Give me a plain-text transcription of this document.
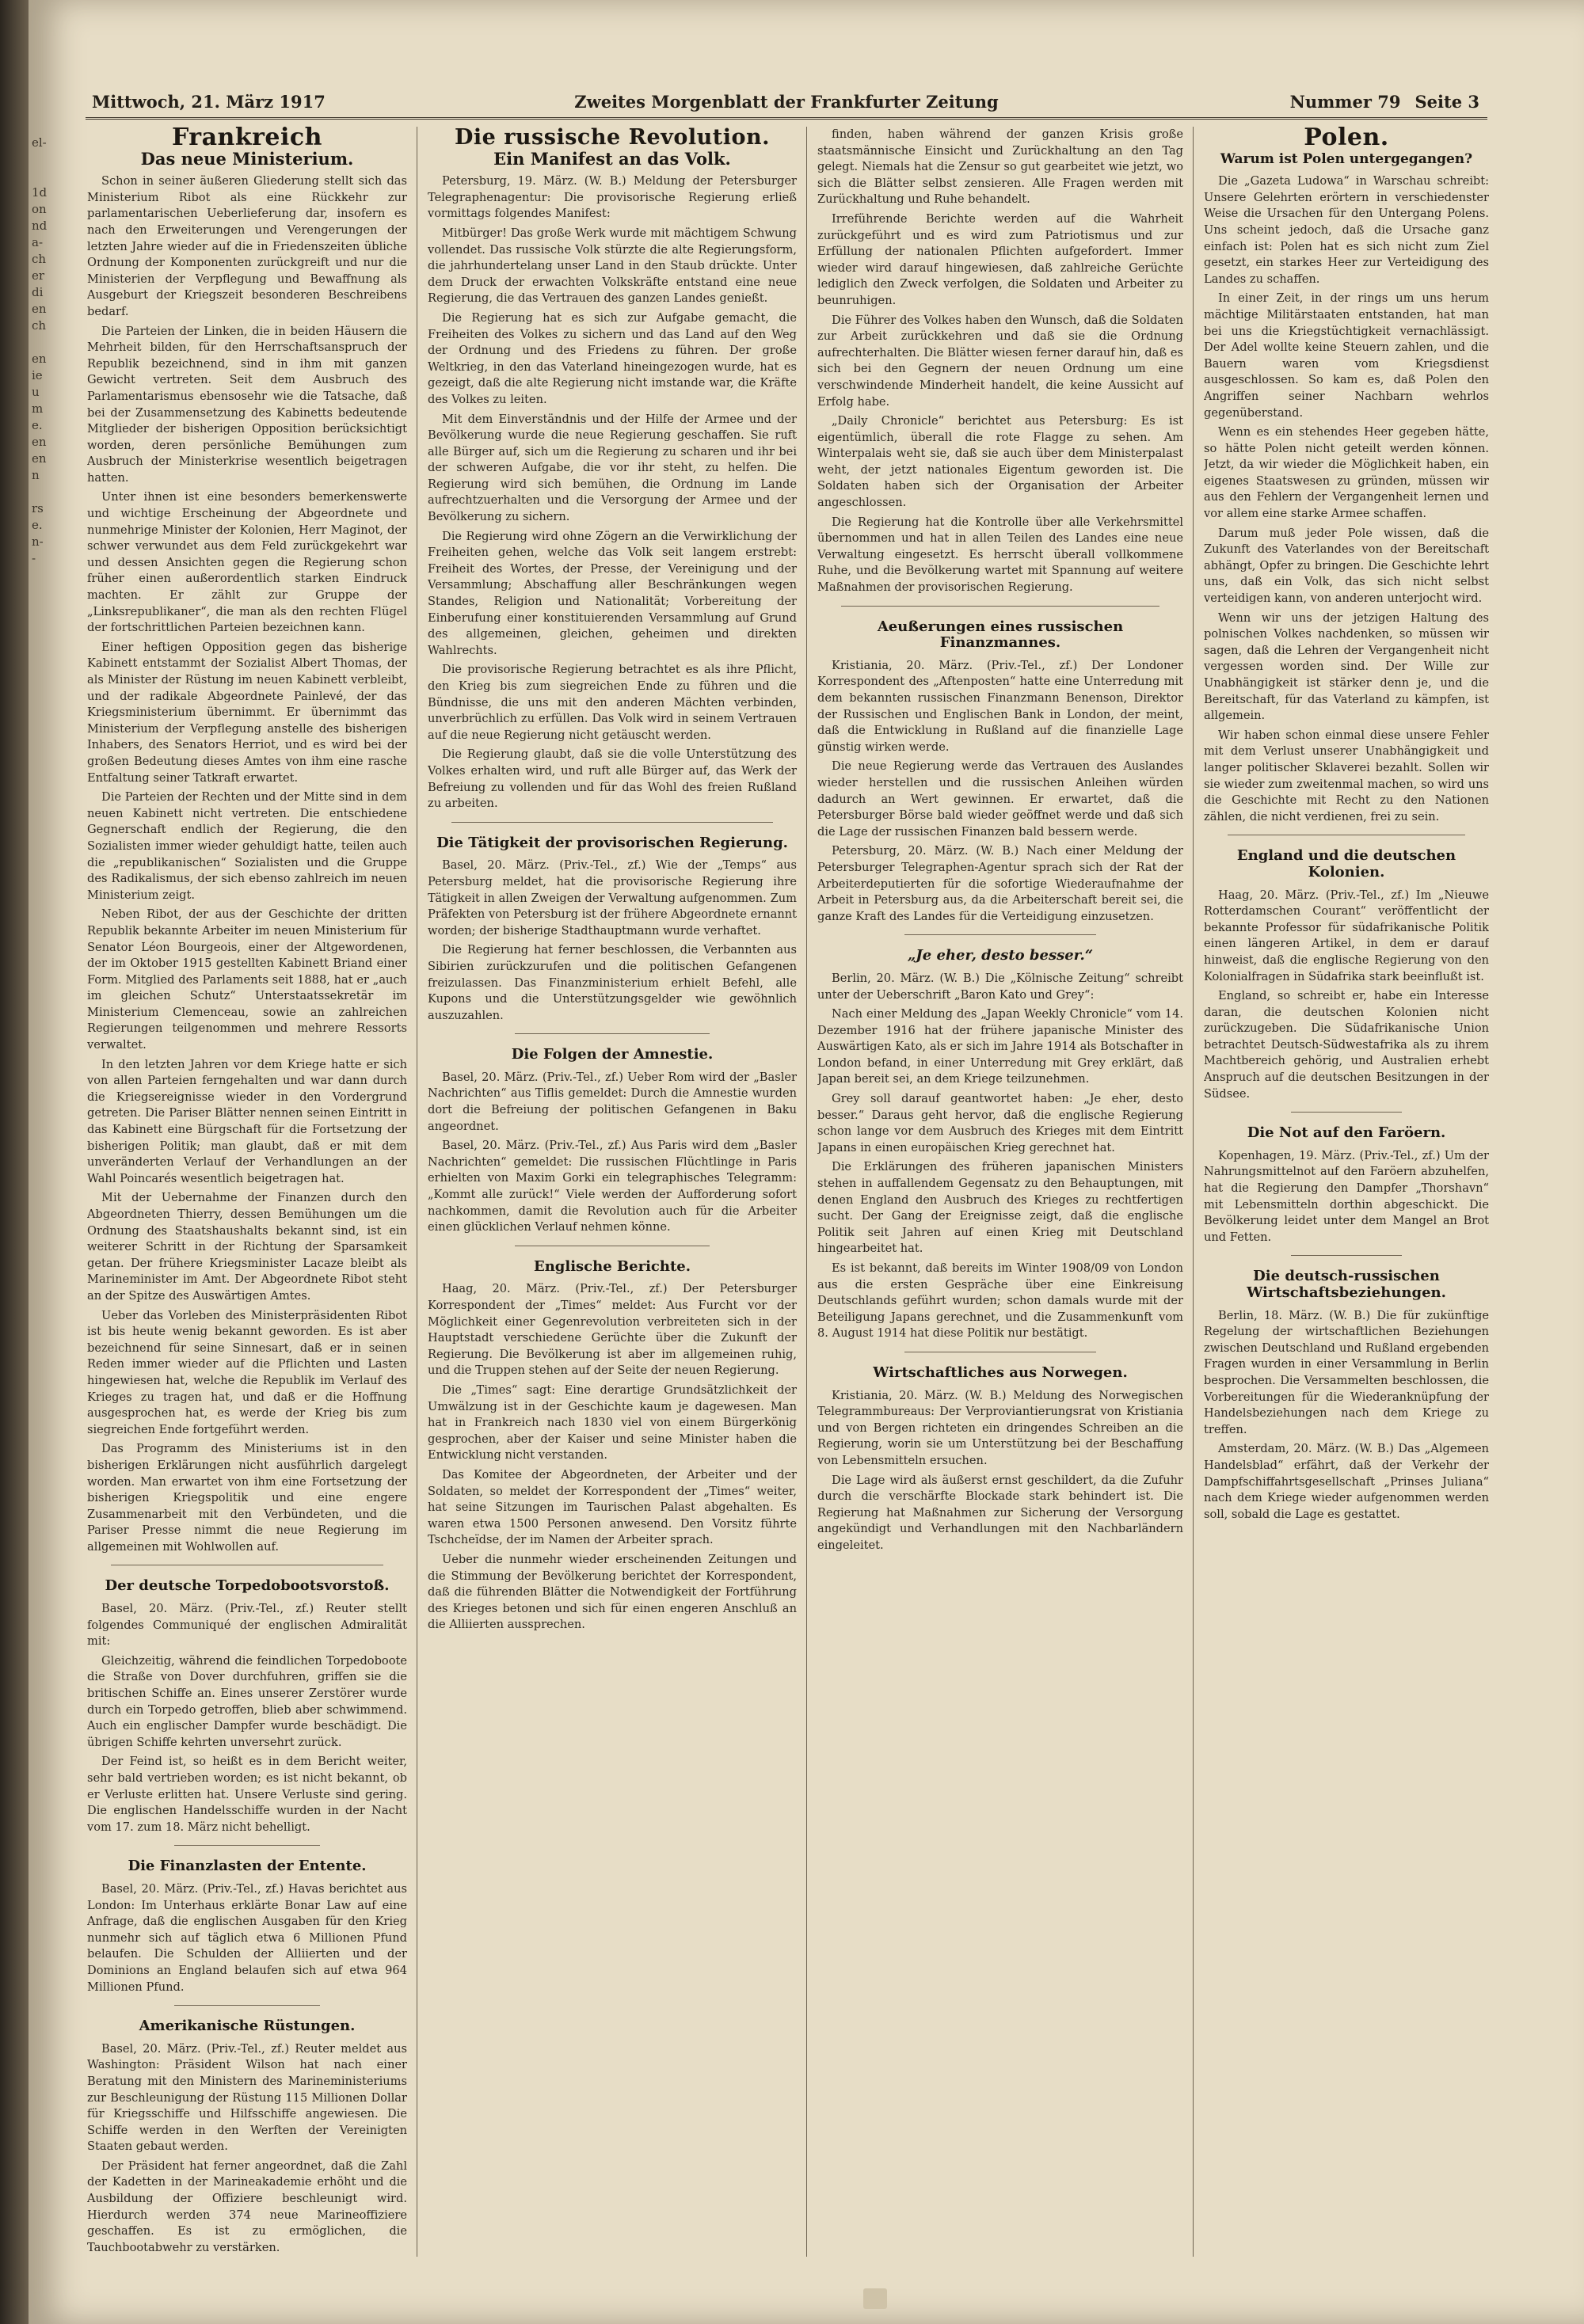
el-

1d
on
nd
a-
ch
er
di
en
ch

en
ie
u
m
e.
en
en
n

rs
e.
n-
-
Mittwoch, 21. März 1917	Zweites Morgenblatt der Frankfurter Zeitung	Nummer 79 Seite 3
Frankreich
Das neue Ministerium.

Schon in seiner äußeren Gliederung stellt sich das Ministerium Ribot als eine Rückkehr zur parlamentarischen Ueberlieferung dar, insofern es nach den Erweiterungen und Verengerungen der letzten Jahre wieder auf die in Friedenszeiten übliche Ordnung der Komponenten zurückgreift und nur die Ministerien der Verpflegung und Bewaffnung als Ausgeburt der Kriegszeit besonderen Beschreibens bedarf.

Die Parteien der Linken, die in beiden Häusern die Mehrheit bilden, für den Herrschaftsanspruch der Republik bezeichnend, sind in ihm mit ganzen Gewicht vertreten. Seit dem Ausbruch des Parlamentarismus ebensosehr wie die Tatsache, daß bei der Zusammensetzung des Kabinetts bedeutende Mitglieder der bisherigen Opposition berücksichtigt worden, deren persönliche Bemühungen zum Ausbruch der Ministerkrise wesentlich beigetragen hatten.

Unter ihnen ist eine besonders bemerkenswerte und wichtige Erscheinung der Abgeordnete und nunmehrige Minister der Kolonien, Herr Maginot, der schwer verwundet aus dem Feld zurückgekehrt war und dessen Ansichten gegen die Regierung schon früher einen außerordentlich starken Eindruck machten. Er zählt zur Gruppe der „Linksrepublikaner“, die man als den rechten Flügel der fortschrittlichen Parteien bezeichnen kann.

Einer heftigen Opposition gegen das bisherige Kabinett entstammt der Sozialist Albert Thomas, der als Minister der Rüstung im neuen Kabinett verbleibt, und der radikale Abgeordnete Painlevé, der das Kriegsministerium übernimmt. Er übernimmt das Ministerium der Verpflegung anstelle des bisherigen Inhabers, des Senators Herriot, und es wird bei der großen Bedeutung dieses Amtes von ihm eine rasche Entfaltung seiner Tatkraft erwartet.

Die Parteien der Rechten und der Mitte sind in dem neuen Kabinett nicht vertreten. Die entschiedene Gegnerschaft endlich der Regierung, die den Sozialisten immer wieder gehuldigt hatte, teilen auch die „republikanischen“ Sozialisten und die Gruppe des Radikalismus, der sich ebenso zahlreich im neuen Ministerium zeigt.

Neben Ribot, der aus der Geschichte der dritten Republik bekannte Arbeiter im neuen Ministerium für Senator Léon Bourgeois, einer der Altgewordenen, der im Oktober 1915 gestellten Kabinett Briand einer Form. Mitglied des Parlaments seit 1888, hat er „auch im gleichen Schutz“ Unterstaatssekretär im Ministerium Clemenceau, sowie an zahlreichen Regierungen teilgenommen und mehrere Ressorts verwaltet.

In den letzten Jahren vor dem Kriege hatte er sich von allen Parteien ferngehalten und war dann durch die Kriegsereignisse wieder in den Vordergrund getreten. Die Pariser Blätter nennen seinen Eintritt in das Kabinett eine Bürgschaft für die Fortsetzung der bisherigen Politik; man glaubt, daß er mit dem unveränderten Verlauf der Verhandlungen an der Wahl Poincarés wesentlich beigetragen hat.

Mit der Uebernahme der Finanzen durch den Abgeordneten Thierry, dessen Bemühungen um die Ordnung des Staatshaushalts bekannt sind, ist ein weiterer Schritt in der Richtung der Sparsamkeit getan. Der frühere Kriegsminister Lacaze bleibt als Marineminister im Amt. Der Abgeordnete Ribot steht an der Spitze des Auswärtigen Amtes.

Ueber das Vorleben des Ministerpräsidenten Ribot ist bis heute wenig bekannt geworden. Es ist aber bezeichnend für seine Sinnesart, daß er in seinen Reden immer wieder auf die Pflichten und Lasten hingewiesen hat, welche die Republik im Verlauf des Krieges zu tragen hat, und daß er die Hoffnung ausgesprochen hat, es werde der Krieg bis zum siegreichen Ende fortgeführt werden.

Das Programm des Ministeriums ist in den bisherigen Erklärungen nicht ausführlich dargelegt worden. Man erwartet von ihm eine Fortsetzung der bisherigen Kriegspolitik und eine engere Zusammenarbeit mit den Verbündeten, und die Pariser Presse nimmt die neue Regierung im allgemeinen mit Wohlwollen auf.

Der deutsche Torpedobootsvorstoß.

Basel, 20. März. (Priv.-Tel., zf.) Reuter stellt folgendes Communiqué der englischen Admiralität mit:

Gleichzeitig, während die feindlichen Torpedoboote die Straße von Dover durchfuhren, griffen sie die britischen Schiffe an. Eines unserer Zerstörer wurde durch ein Torpedo getroffen, blieb aber schwimmend. Auch ein englischer Dampfer wurde beschädigt. Die übrigen Schiffe kehrten unversehrt zurück.

Der Feind ist, so heißt es in dem Bericht weiter, sehr bald vertrieben worden; es ist nicht bekannt, ob er Verluste erlitten hat. Unsere Verluste sind gering. Die englischen Handelsschiffe wurden in der Nacht vom 17. zum 18. März nicht behelligt.

Die Finanzlasten der Entente.

Basel, 20. März. (Priv.-Tel., zf.) Havas berichtet aus London: Im Unterhaus erklärte Bonar Law auf eine Anfrage, daß die englischen Ausgaben für den Krieg nunmehr sich auf täglich etwa 6 Millionen Pfund belaufen. Die Schulden der Alliierten und der Dominions an England belaufen sich auf etwa 964 Millionen Pfund.

Amerikanische Rüstungen.

Basel, 20. März. (Priv.-Tel., zf.) Reuter meldet aus Washington: Präsident Wilson hat nach einer Beratung mit den Ministern des Marineministeriums zur Beschleunigung der Rüstung 115 Millionen Dollar für Kriegsschiffe und Hilfsschiffe angewiesen. Die Schiffe werden in den Werften der Vereinigten Staaten gebaut werden.

Der Präsident hat ferner angeordnet, daß die Zahl der Kadetten in der Marineakademie erhöht und die Ausbildung der Offiziere beschleunigt wird. Hierdurch werden 374 neue Marineoffiziere geschaffen. Es ist zu ermöglichen, die Tauchbootabwehr zu verstärken.

Die russische Revolution.
Ein Manifest an das Volk.

Petersburg, 19. März. (W. B.) Meldung der Petersburger Telegraphenagentur: Die provisorische Regierung erließ vormittags folgendes Manifest:

Mitbürger! Das große Werk wurde mit mächtigem Schwung vollendet. Das russische Volk stürzte die alte Regierungsform, die jahrhundertelang unser Land in den Staub drückte. Unter dem Druck der erwachten Volkskräfte entstand eine neue Regierung, die das Vertrauen des ganzen Landes genießt.

Die Regierung hat es sich zur Aufgabe gemacht, die Freiheiten des Volkes zu sichern und das Land auf den Weg der Ordnung und des Friedens zu führen. Der große Weltkrieg, in den das Vaterland hineingezogen wurde, hat es gezeigt, daß die alte Regierung nicht imstande war, die Kräfte des Volkes zu leiten.

Mit dem Einverständnis und der Hilfe der Armee und der Bevölkerung wurde die neue Regierung geschaffen. Sie ruft alle Bürger auf, sich um die Regierung zu scharen und ihr bei der schweren Aufgabe, die vor ihr steht, zu helfen. Die Regierung wird sich bemühen, die Ordnung im Lande aufrechtzuerhalten und die Versorgung der Armee und der Bevölkerung zu sichern.

Die Regierung wird ohne Zögern an die Verwirklichung der Freiheiten gehen, welche das Volk seit langem erstrebt: Freiheit des Wortes, der Presse, der Vereinigung und der Versammlung; Abschaffung aller Beschränkungen wegen Standes, Religion und Nationalität; Vorbereitung der Einberufung einer konstituierenden Versammlung auf Grund des allgemeinen, gleichen, geheimen und direkten Wahlrechts.

Die provisorische Regierung betrachtet es als ihre Pflicht, den Krieg bis zum siegreichen Ende zu führen und die Bündnisse, die uns mit den anderen Mächten verbinden, unverbrüchlich zu erfüllen. Das Volk wird in seinem Vertrauen auf die neue Regierung nicht getäuscht werden.

Die Regierung glaubt, daß sie die volle Unterstützung des Volkes erhalten wird, und ruft alle Bürger auf, das Werk der Befreiung zu vollenden und für das Wohl des freien Rußland zu arbeiten.

Die Tätigkeit der provisorischen Regierung.

Basel, 20. März. (Priv.-Tel., zf.) Wie der „Temps“ aus Petersburg meldet, hat die provisorische Regierung ihre Tätigkeit in allen Zweigen der Verwaltung aufgenommen. Zum Präfekten von Petersburg ist der frühere Abgeordnete ernannt worden; der bisherige Stadthauptmann wurde verhaftet.

Die Regierung hat ferner beschlossen, die Verbannten aus Sibirien zurückzurufen und die politischen Gefangenen freizulassen. Das Finanzministerium erhielt Befehl, alle Kupons und die Unterstützungsgelder wie gewöhnlich auszuzahlen.

Die Folgen der Amnestie.

Basel, 20. März. (Priv.-Tel., zf.) Ueber Rom wird der „Basler Nachrichten“ aus Tiflis gemeldet: Durch die Amnestie wurden dort die Befreiung der politischen Gefangenen in Baku angeordnet.

Basel, 20. März. (Priv.-Tel., zf.) Aus Paris wird dem „Basler Nachrichten“ gemeldet: Die russischen Flüchtlinge in Paris erhielten von Maxim Gorki ein telegraphisches Telegramm: „Kommt alle zurück!“ Viele werden der Aufforderung sofort nachkommen, damit die Revolution auch für die Arbeiter einen glücklichen Verlauf nehmen könne.

Englische Berichte.

Haag, 20. März. (Priv.-Tel., zf.) Der Petersburger Korrespondent der „Times“ meldet: Aus Furcht vor der Möglichkeit einer Gegenrevolution verbreiteten sich in der Hauptstadt verschiedene Gerüchte über die Zukunft der Regierung. Die Bevölkerung ist aber im allgemeinen ruhig, und die Truppen stehen auf der Seite der neuen Regierung.

Die „Times“ sagt: Eine derartige Grundsätzlichkeit der Umwälzung ist in der Geschichte kaum je dagewesen. Man hat in Frankreich nach 1830 viel von einem Bürgerkönig gesprochen, aber der Kaiser und seine Minister haben die Entwicklung nicht verstanden.

Das Komitee der Abgeordneten, der Arbeiter und der Soldaten, so meldet der Korrespondent der „Times“ weiter, hat seine Sitzungen im Taurischen Palast abgehalten. Es waren etwa 1500 Personen anwesend. Den Vorsitz führte Tschcheïdse, der im Namen der Arbeiter sprach.

Ueber die nunmehr wieder erscheinenden Zeitungen und die Stimmung der Bevölkerung berichtet der Korrespondent, daß die führenden Blätter die Notwendigkeit der Fortführung des Krieges betonen und sich für einen engeren Anschluß an die Alliierten aussprechen.

finden, haben während der ganzen Krisis große staatsmännische Einsicht und Zurückhaltung an den Tag gelegt. Niemals hat die Zensur so gut gearbeitet wie jetzt, wo sich die Blätter selbst zensieren. Alle Fragen werden mit Zurückhaltung und Ruhe behandelt.

Irreführende Berichte werden auf die Wahrheit zurückgeführt und es wird zum Patriotismus und zur Erfüllung der nationalen Pflichten aufgefordert. Immer wieder wird darauf hingewiesen, daß zahlreiche Gerüchte lediglich den Zweck verfolgen, die Soldaten und Arbeiter zu beunruhigen.

Die Führer des Volkes haben den Wunsch, daß die Soldaten zur Arbeit zurückkehren und daß sie die Ordnung aufrechterhalten. Die Blätter wiesen ferner darauf hin, daß es sich bei den Gegnern der neuen Ordnung um eine verschwindende Minderheit handelt, die keine Aussicht auf Erfolg habe.

„Daily Chronicle“ berichtet aus Petersburg: Es ist eigentümlich, überall die rote Flagge zu sehen. Am Winterpalais weht sie, daß sie auch über dem Ministerpalast weht, der jetzt nationales Eigentum geworden ist. Die Soldaten haben sich der Organisation der Arbeiter angeschlossen.

Die Regierung hat die Kontrolle über alle Verkehrsmittel übernommen und hat in allen Teilen des Landes eine neue Verwaltung eingesetzt. Es herrscht überall vollkommene Ruhe, und die Bevölkerung wartet mit Spannung auf weitere Maßnahmen der provisorischen Regierung.

Aeußerungen eines russischen Finanzmannes.

Kristiania, 20. März. (Priv.-Tel., zf.) Der Londoner Korrespondent des „Aftenposten“ hatte eine Unterredung mit dem bekannten russischen Finanzmann Benenson, Direktor der Russischen und Englischen Bank in London, der meint, daß die Entwicklung in Rußland auf die finanzielle Lage günstig wirken werde.

Die neue Regierung werde das Vertrauen des Auslandes wieder herstellen und die russischen Anleihen würden dadurch an Wert gewinnen. Er erwartet, daß die Petersburger Börse bald wieder geöffnet werde und daß sich die Lage der russischen Finanzen bald bessern werde.

Petersburg, 20. März. (W. B.) Nach einer Meldung der Petersburger Telegraphen-Agentur sprach sich der Rat der Arbeiterdeputierten für die sofortige Wiederaufnahme der Arbeit in Petersburg aus, da die Arbeiterschaft bereit sei, die ganze Kraft des Landes für die Verteidigung einzusetzen.

„Je eher, desto besser.“

Berlin, 20. März. (W. B.) Die „Kölnische Zeitung“ schreibt unter der Ueberschrift „Baron Kato und Grey“:

Nach einer Meldung des „Japan Weekly Chronicle“ vom 14. Dezember 1916 hat der frühere japanische Minister des Auswärtigen Kato, als er sich im Jahre 1914 als Botschafter in London befand, in einer Unterredung mit Grey erklärt, daß Japan bereit sei, an dem Kriege teilzunehmen.

Grey soll darauf geantwortet haben: „Je eher, desto besser.“ Daraus geht hervor, daß die englische Regierung schon lange vor dem Ausbruch des Krieges mit dem Eintritt Japans in einen europäischen Krieg gerechnet hat.

Die Erklärungen des früheren japanischen Ministers stehen in auffallendem Gegensatz zu den Behauptungen, mit denen England den Ausbruch des Krieges zu rechtfertigen sucht. Der Gang der Ereignisse zeigt, daß die englische Politik seit Jahren auf einen Krieg mit Deutschland hingearbeitet hat.

Es ist bekannt, daß bereits im Winter 1908/09 von London aus die ersten Gespräche über eine Einkreisung Deutschlands geführt wurden; schon damals wurde mit der Beteiligung Japans gerechnet, und die Zusammenkunft vom 8. August 1914 hat diese Politik nur bestätigt.

Wirtschaftliches aus Norwegen.

Kristiania, 20. März. (W. B.) Meldung des Norwegischen Telegrammbureaus: Der Verproviantierungsrat von Kristiania und von Bergen richteten ein dringendes Schreiben an die Regierung, worin sie um Unterstützung bei der Beschaffung von Lebensmitteln ersuchen.

Die Lage wird als äußerst ernst geschildert, da die Zufuhr durch die verschärfte Blockade stark behindert ist. Die Regierung hat Maßnahmen zur Sicherung der Versorgung angekündigt und Verhandlungen mit den Nachbarländern eingeleitet.

Polen.
Warum ist Polen untergegangen?

Die „Gazeta Ludowa“ in Warschau schreibt: Unsere Gelehrten erörtern in verschiedenster Weise die Ursachen für den Untergang Polens. Uns scheint jedoch, daß die Ursache ganz einfach ist: Polen hat es sich nicht zum Ziel gesetzt, ein starkes Heer zur Verteidigung des Landes zu schaffen.

In einer Zeit, in der rings um uns herum mächtige Militärstaaten entstanden, hat man bei uns die Kriegstüchtigkeit vernachlässigt. Der Adel wollte keine Steuern zahlen, und die Bauern waren vom Kriegsdienst ausgeschlossen. So kam es, daß Polen den Angriffen seiner Nachbarn wehrlos gegenüberstand.

Wenn es ein stehendes Heer gegeben hätte, so hätte Polen nicht geteilt werden können. Jetzt, da wir wieder die Möglichkeit haben, ein eigenes Staatswesen zu gründen, müssen wir aus den Fehlern der Vergangenheit lernen und vor allem eine starke Armee schaffen.

Darum muß jeder Pole wissen, daß die Zukunft des Vaterlandes von der Bereitschaft abhängt, Opfer zu bringen. Die Geschichte lehrt uns, daß ein Volk, das sich nicht selbst verteidigen kann, von anderen unterjocht wird.

Wenn wir uns der jetzigen Haltung des polnischen Volkes nachdenken, so müssen wir sagen, daß die Lehren der Vergangenheit nicht vergessen worden sind. Der Wille zur Unabhängigkeit ist stärker denn je, und die Bereitschaft, für das Vaterland zu kämpfen, ist allgemein.

Wir haben schon einmal diese unsere Fehler mit dem Verlust unserer Unabhängigkeit und langer politischer Sklaverei bezahlt. Sollen wir sie wieder zum zweitenmal machen, so wird uns die Geschichte mit Recht zu den Nationen zählen, die nicht verdienen, frei zu sein.

England und die deutschen Kolonien.

Haag, 20. März. (Priv.-Tel., zf.) Im „Nieuwe Rotterdamschen Courant“ veröffentlicht der bekannte Professor für südafrikanische Politik einen längeren Artikel, in dem er darauf hinweist, daß die englische Regierung von den Kolonialfragen in Südafrika stark beeinflußt ist.

England, so schreibt er, habe ein Interesse daran, die deutschen Kolonien nicht zurückzugeben. Die Südafrikanische Union betrachtet Deutsch-Südwestafrika als zu ihrem Machtbereich gehörig, und Australien erhebt Anspruch auf die deutschen Besitzungen in der Südsee.

Die Not auf den Faröern.

Kopenhagen, 19. März. (Priv.-Tel., zf.) Um der Nahrungsmittelnot auf den Faröern abzuhelfen, hat die Regierung den Dampfer „Thorshavn“ mit Lebensmitteln dorthin abgeschickt. Die Bevölkerung leidet unter dem Mangel an Brot und Fetten.

Die deutsch-russischen Wirtschaftsbeziehungen.

Berlin, 18. März. (W. B.) Die für zukünftige Regelung der wirtschaftlichen Beziehungen zwischen Deutschland und Rußland ergebenden Fragen wurden in einer Versammlung in Berlin besprochen. Die Versammelten beschlossen, die Vorbereitungen für die Wiederanknüpfung der Handelsbeziehungen nach dem Kriege zu treffen.

Amsterdam, 20. März. (W. B.) Das „Algemeen Handelsblad“ erfährt, daß der Verkehr der Dampfschiffahrtsgesellschaft „Prinses Juliana“ nach dem Kriege wieder aufgenommen werden soll, sobald die Lage es gestattet.
